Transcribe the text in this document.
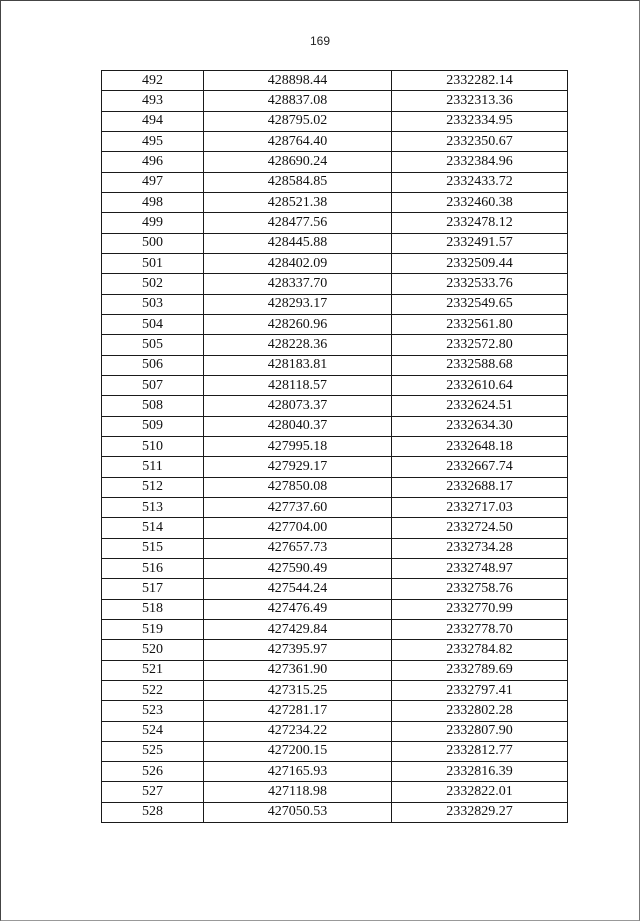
169
492	428898.44	2332282.14
493	428837.08	2332313.36
494	428795.02	2332334.95
495	428764.40	2332350.67
496	428690.24	2332384.96
497	428584.85	2332433.72
498	428521.38	2332460.38
499	428477.56	2332478.12
500	428445.88	2332491.57
501	428402.09	2332509.44
502	428337.70	2332533.76
503	428293.17	2332549.65
504	428260.96	2332561.80
505	428228.36	2332572.80
506	428183.81	2332588.68
507	428118.57	2332610.64
508	428073.37	2332624.51
509	428040.37	2332634.30
510	427995.18	2332648.18
511	427929.17	2332667.74
512	427850.08	2332688.17
513	427737.60	2332717.03
514	427704.00	2332724.50
515	427657.73	2332734.28
516	427590.49	2332748.97
517	427544.24	2332758.76
518	427476.49	2332770.99
519	427429.84	2332778.70
520	427395.97	2332784.82
521	427361.90	2332789.69
522	427315.25	2332797.41
523	427281.17	2332802.28
524	427234.22	2332807.90
525	427200.15	2332812.77
526	427165.93	2332816.39
527	427118.98	2332822.01
528	427050.53	2332829.27
